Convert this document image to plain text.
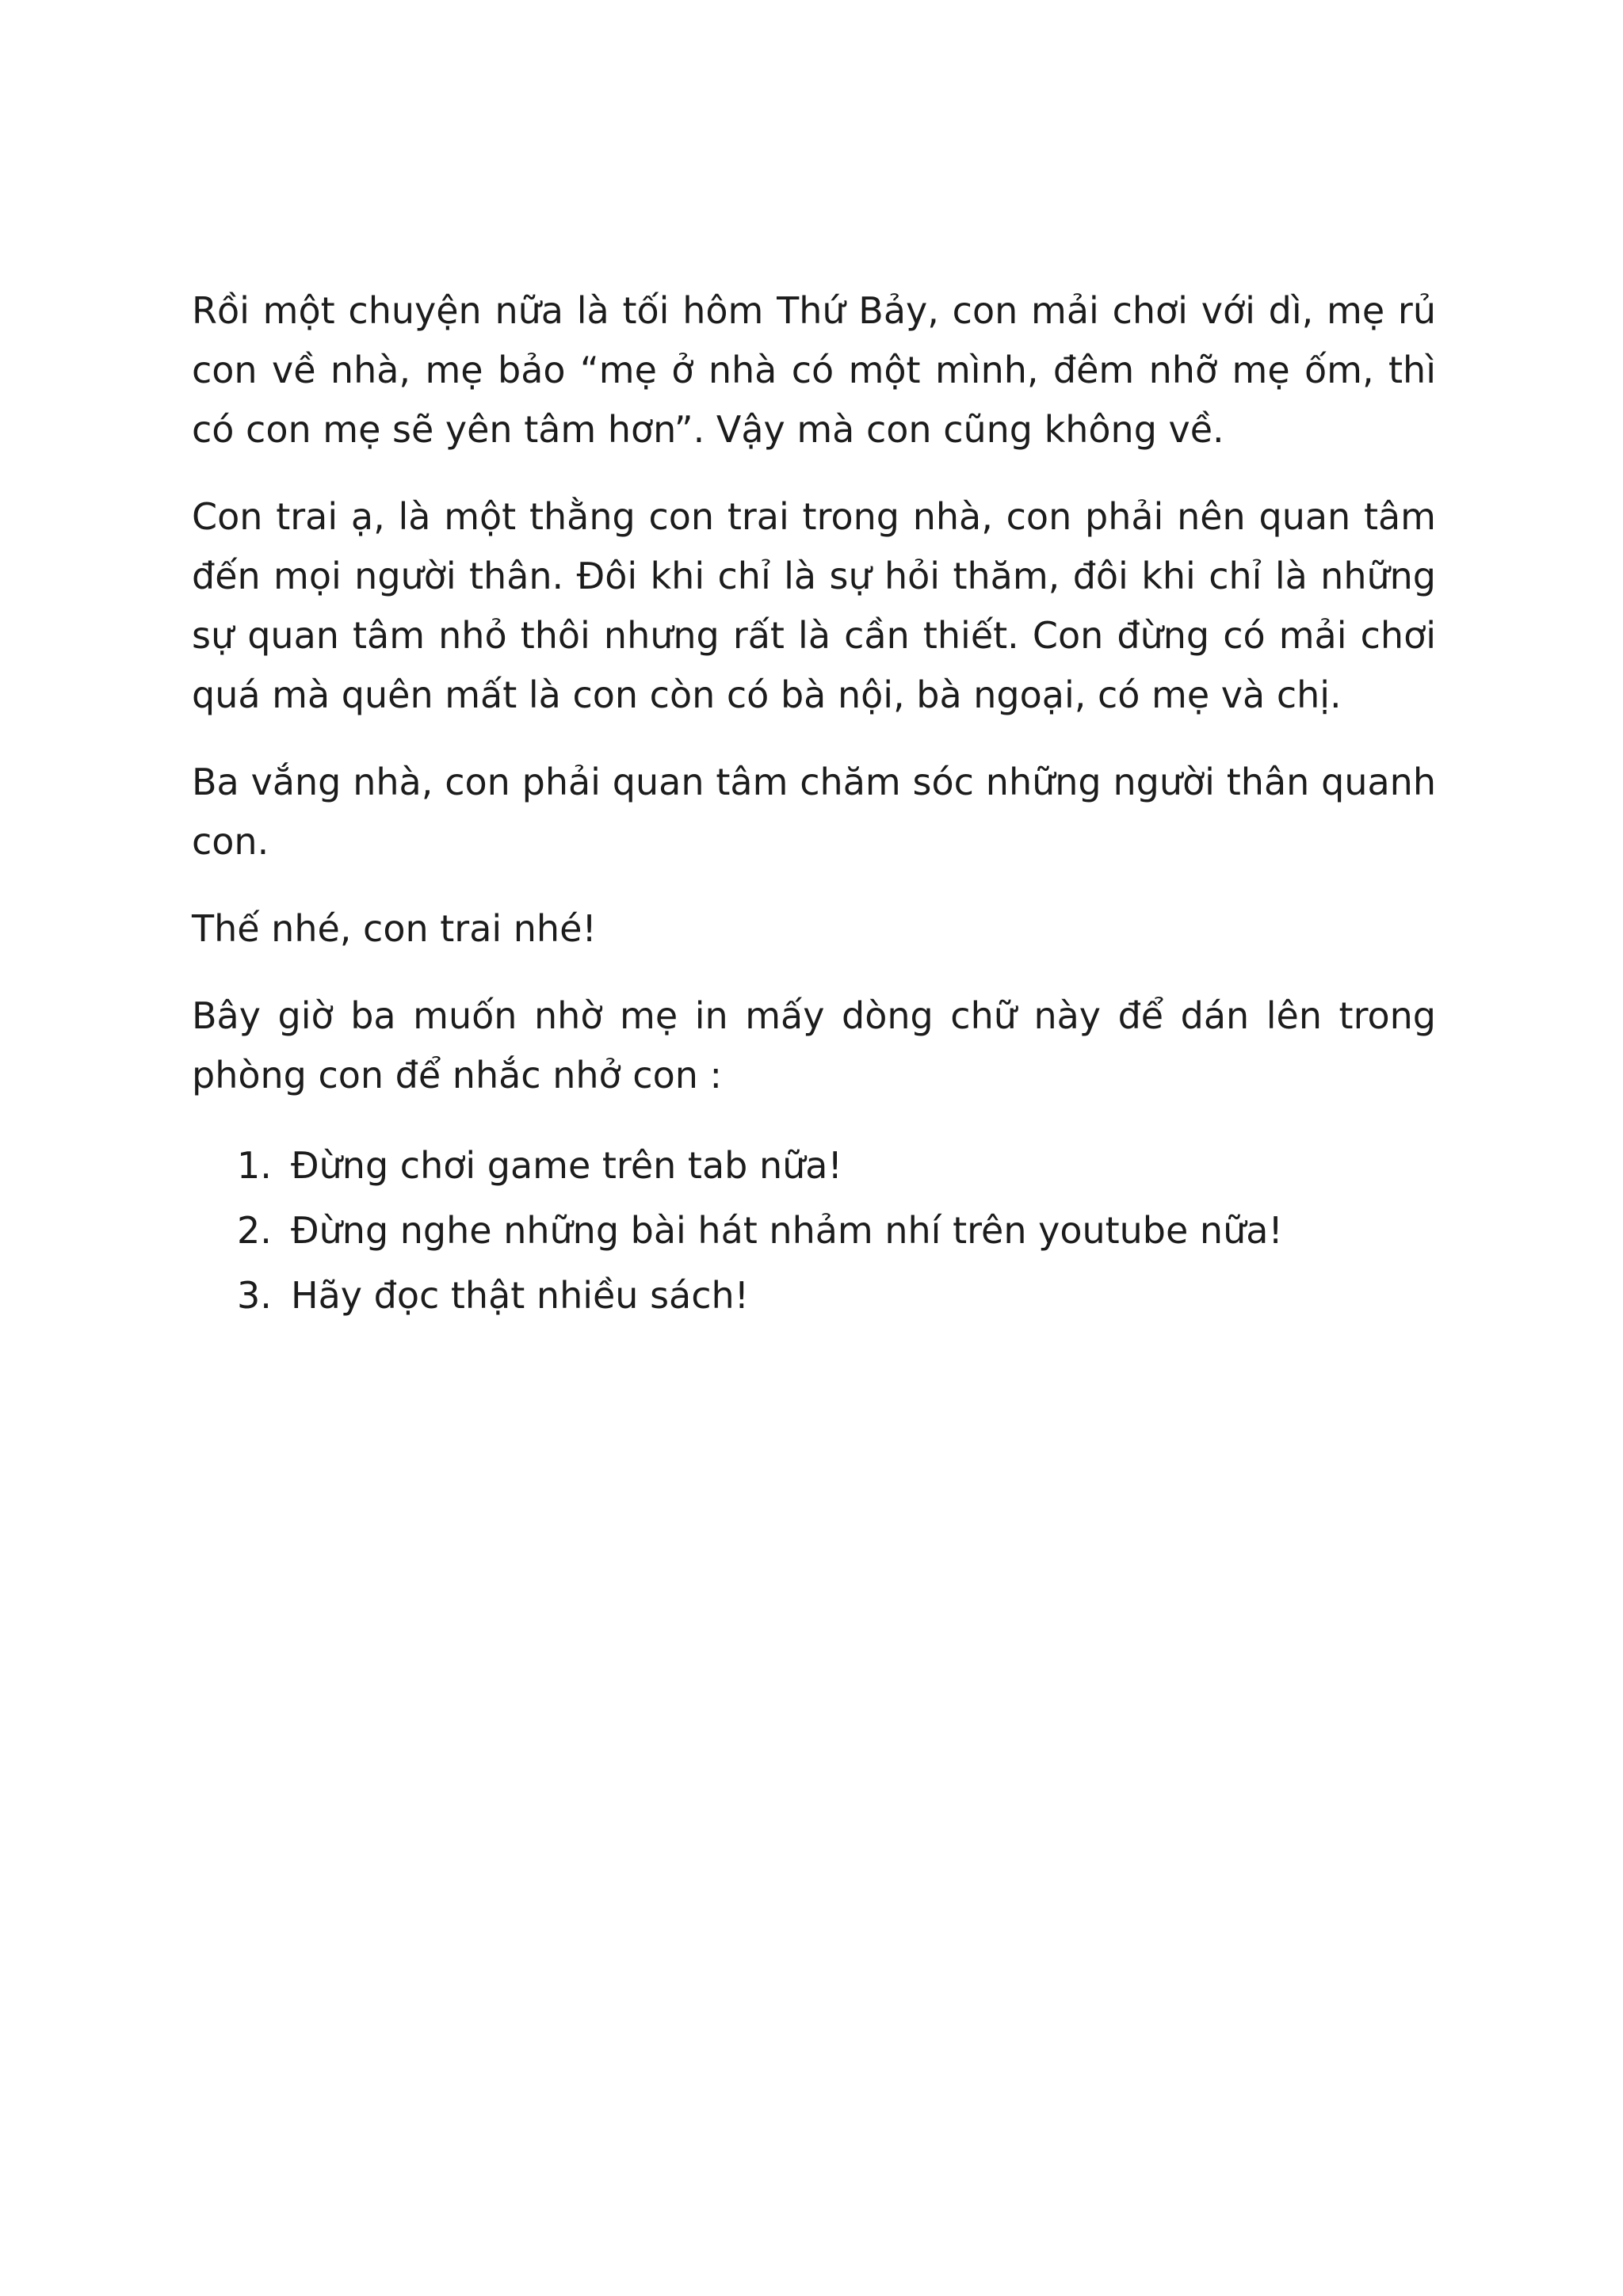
Rồi một chuyện nữa là tối hôm Thứ Bảy, con mải chơi với dì, mẹ rủ con về nhà, mẹ bảo “mẹ ở nhà có một mình, đêm nhỡ mẹ ốm, thì có con mẹ sẽ yên tâm hơn”. Vậy mà con cũng không về.

Con trai ạ, là một thằng con trai trong nhà, con phải nên quan tâm đến mọi người thân. Đôi khi chỉ là sự hỏi thăm, đôi khi chỉ là những sự quan tâm nhỏ thôi nhưng rất là cần thiết. Con đừng có mải chơi quá mà quên mất là con còn có bà nội, bà ngoại, có mẹ và chị.

Ba vắng nhà, con phải quan tâm chăm sóc những người thân quanh con.

Thế nhé, con trai nhé!

Bây giờ ba muốn nhờ mẹ in mấy dòng chữ này để dán lên trong phòng con để nhắc nhở con :

1. Đừng chơi game trên tab nữa!
2. Đừng nghe những bài hát nhảm nhí trên youtube nữa!
3. Hãy đọc thật nhiều sách!
